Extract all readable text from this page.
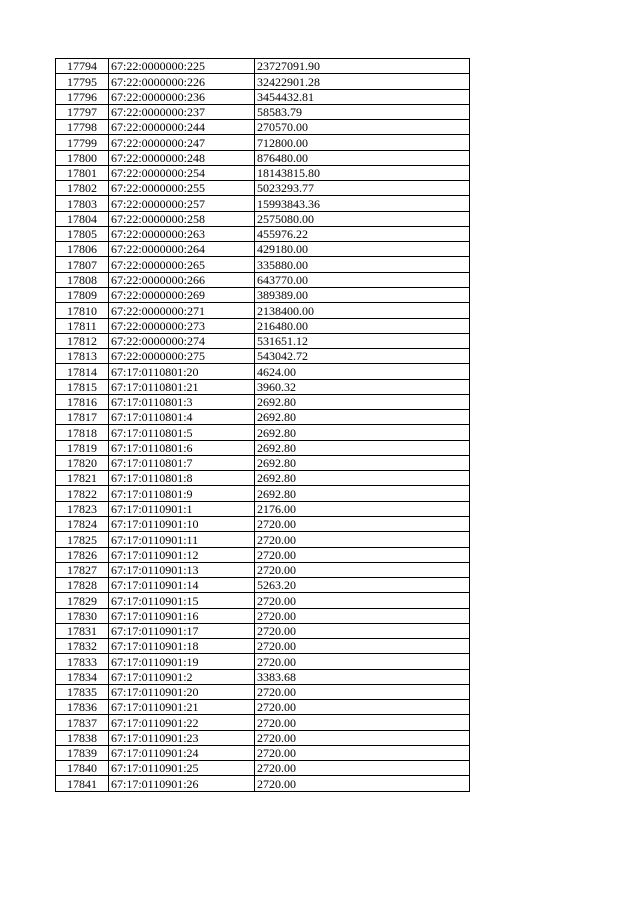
17794	67:22:0000000:225	23727091.90
17795	67:22:0000000:226	32422901.28
17796	67:22:0000000:236	3454432.81
17797	67:22:0000000:237	58583.79
17798	67:22:0000000:244	270570.00
17799	67:22:0000000:247	712800.00
17800	67:22:0000000:248	876480.00
17801	67:22:0000000:254	18143815.80
17802	67:22:0000000:255	5023293.77
17803	67:22:0000000:257	15993843.36
17804	67:22:0000000:258	2575080.00
17805	67:22:0000000:263	455976.22
17806	67:22:0000000:264	429180.00
17807	67:22:0000000:265	335880.00
17808	67:22:0000000:266	643770.00
17809	67:22:0000000:269	389389.00
17810	67:22:0000000:271	2138400.00
17811	67:22:0000000:273	216480.00
17812	67:22:0000000:274	531651.12
17813	67:22:0000000:275	543042.72
17814	67:17:0110801:20	4624.00
17815	67:17:0110801:21	3960.32
17816	67:17:0110801:3	2692.80
17817	67:17:0110801:4	2692.80
17818	67:17:0110801:5	2692.80
17819	67:17:0110801:6	2692.80
17820	67:17:0110801:7	2692.80
17821	67:17:0110801:8	2692.80
17822	67:17:0110801:9	2692.80
17823	67:17:0110901:1	2176.00
17824	67:17:0110901:10	2720.00
17825	67:17:0110901:11	2720.00
17826	67:17:0110901:12	2720.00
17827	67:17:0110901:13	2720.00
17828	67:17:0110901:14	5263.20
17829	67:17:0110901:15	2720.00
17830	67:17:0110901:16	2720.00
17831	67:17:0110901:17	2720.00
17832	67:17:0110901:18	2720.00
17833	67:17:0110901:19	2720.00
17834	67:17:0110901:2	3383.68
17835	67:17:0110901:20	2720.00
17836	67:17:0110901:21	2720.00
17837	67:17:0110901:22	2720.00
17838	67:17:0110901:23	2720.00
17839	67:17:0110901:24	2720.00
17840	67:17:0110901:25	2720.00
17841	67:17:0110901:26	2720.00
